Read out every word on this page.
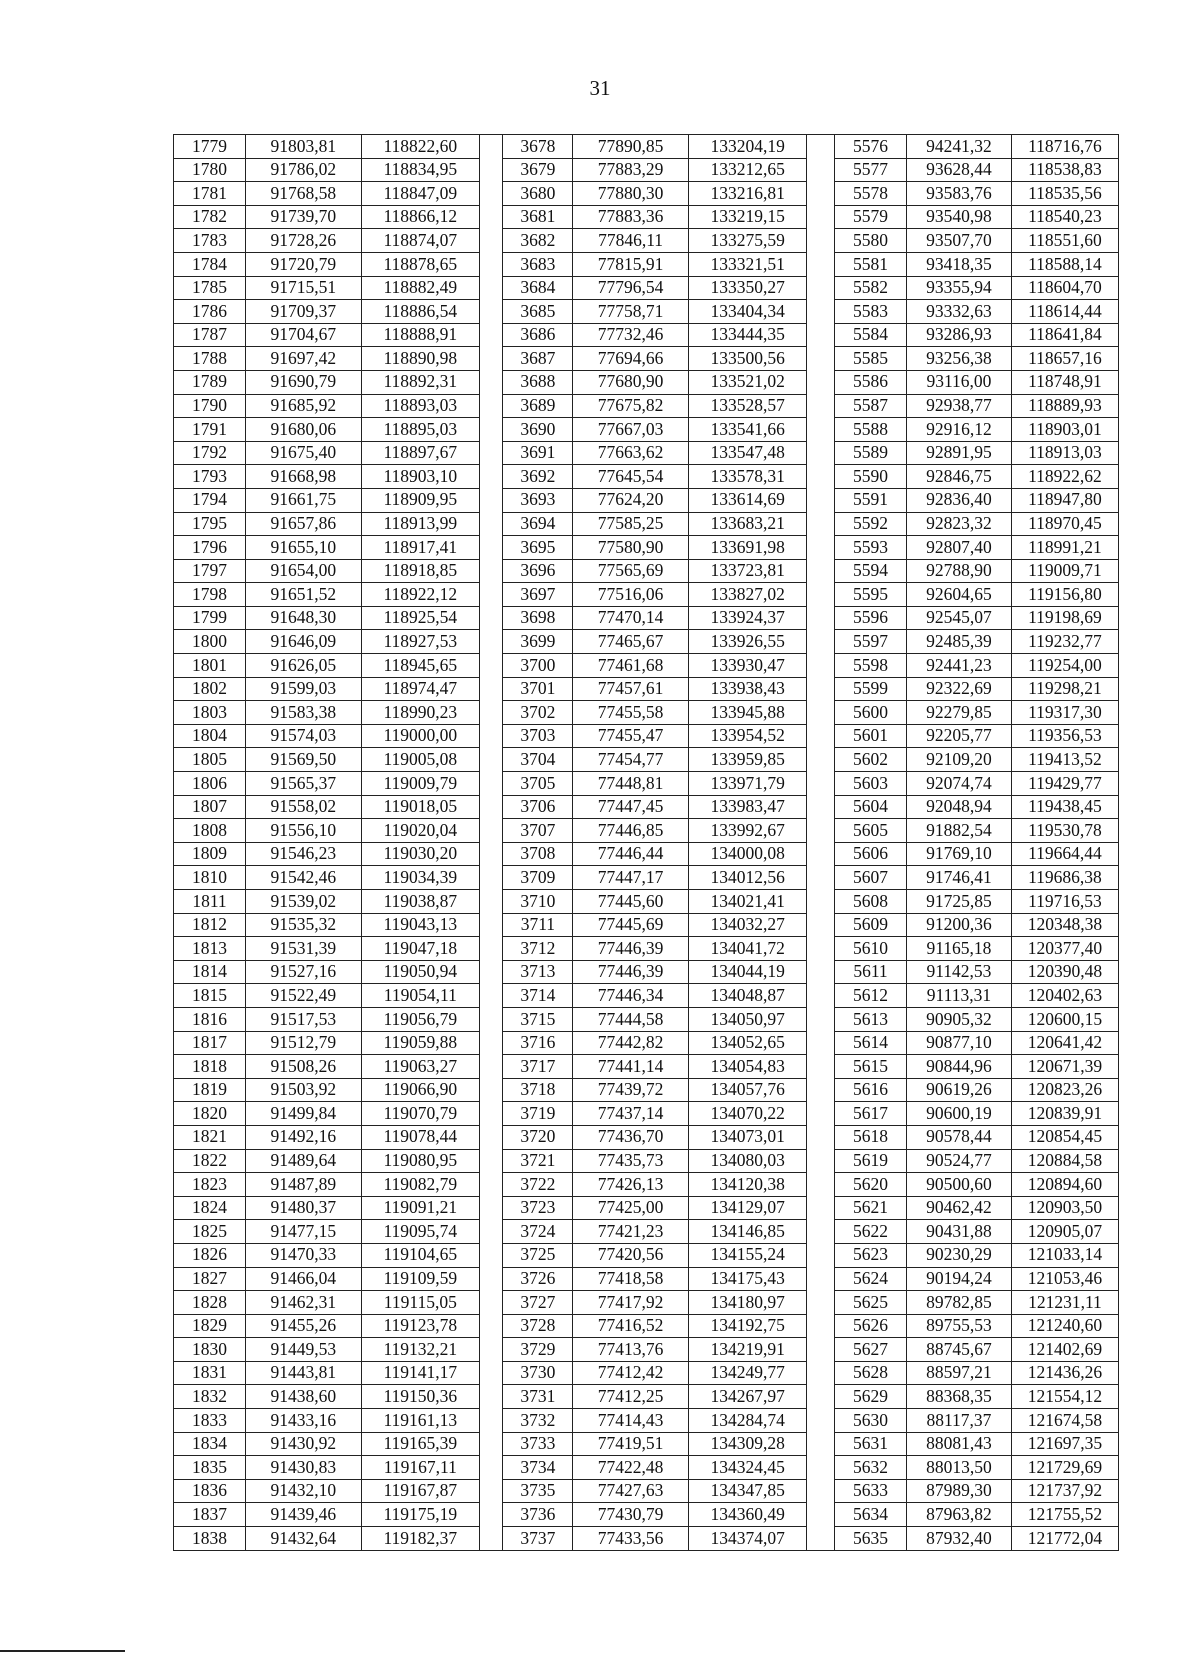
31
1779	91803,81	118822,60		3678	77890,85	133204,19		5576	94241,32	118716,76
1780	91786,02	118834,95		3679	77883,29	133212,65		5577	93628,44	118538,83
1781	91768,58	118847,09		3680	77880,30	133216,81		5578	93583,76	118535,56
1782	91739,70	118866,12		3681	77883,36	133219,15		5579	93540,98	118540,23
1783	91728,26	118874,07		3682	77846,11	133275,59		5580	93507,70	118551,60
1784	91720,79	118878,65		3683	77815,91	133321,51		5581	93418,35	118588,14
1785	91715,51	118882,49		3684	77796,54	133350,27		5582	93355,94	118604,70
1786	91709,37	118886,54		3685	77758,71	133404,34		5583	93332,63	118614,44
1787	91704,67	118888,91		3686	77732,46	133444,35		5584	93286,93	118641,84
1788	91697,42	118890,98		3687	77694,66	133500,56		5585	93256,38	118657,16
1789	91690,79	118892,31		3688	77680,90	133521,02		5586	93116,00	118748,91
1790	91685,92	118893,03		3689	77675,82	133528,57		5587	92938,77	118889,93
1791	91680,06	118895,03		3690	77667,03	133541,66		5588	92916,12	118903,01
1792	91675,40	118897,67		3691	77663,62	133547,48		5589	92891,95	118913,03
1793	91668,98	118903,10		3692	77645,54	133578,31		5590	92846,75	118922,62
1794	91661,75	118909,95		3693	77624,20	133614,69		5591	92836,40	118947,80
1795	91657,86	118913,99		3694	77585,25	133683,21		5592	92823,32	118970,45
1796	91655,10	118917,41		3695	77580,90	133691,98		5593	92807,40	118991,21
1797	91654,00	118918,85		3696	77565,69	133723,81		5594	92788,90	119009,71
1798	91651,52	118922,12		3697	77516,06	133827,02		5595	92604,65	119156,80
1799	91648,30	118925,54		3698	77470,14	133924,37		5596	92545,07	119198,69
1800	91646,09	118927,53		3699	77465,67	133926,55		5597	92485,39	119232,77
1801	91626,05	118945,65		3700	77461,68	133930,47		5598	92441,23	119254,00
1802	91599,03	118974,47		3701	77457,61	133938,43		5599	92322,69	119298,21
1803	91583,38	118990,23		3702	77455,58	133945,88		5600	92279,85	119317,30
1804	91574,03	119000,00		3703	77455,47	133954,52		5601	92205,77	119356,53
1805	91569,50	119005,08		3704	77454,77	133959,85		5602	92109,20	119413,52
1806	91565,37	119009,79		3705	77448,81	133971,79		5603	92074,74	119429,77
1807	91558,02	119018,05		3706	77447,45	133983,47		5604	92048,94	119438,45
1808	91556,10	119020,04		3707	77446,85	133992,67		5605	91882,54	119530,78
1809	91546,23	119030,20		3708	77446,44	134000,08		5606	91769,10	119664,44
1810	91542,46	119034,39		3709	77447,17	134012,56		5607	91746,41	119686,38
1811	91539,02	119038,87		3710	77445,60	134021,41		5608	91725,85	119716,53
1812	91535,32	119043,13		3711	77445,69	134032,27		5609	91200,36	120348,38
1813	91531,39	119047,18		3712	77446,39	134041,72		5610	91165,18	120377,40
1814	91527,16	119050,94		3713	77446,39	134044,19		5611	91142,53	120390,48
1815	91522,49	119054,11		3714	77446,34	134048,87		5612	91113,31	120402,63
1816	91517,53	119056,79		3715	77444,58	134050,97		5613	90905,32	120600,15
1817	91512,79	119059,88		3716	77442,82	134052,65		5614	90877,10	120641,42
1818	91508,26	119063,27		3717	77441,14	134054,83		5615	90844,96	120671,39
1819	91503,92	119066,90		3718	77439,72	134057,76		5616	90619,26	120823,26
1820	91499,84	119070,79		3719	77437,14	134070,22		5617	90600,19	120839,91
1821	91492,16	119078,44		3720	77436,70	134073,01		5618	90578,44	120854,45
1822	91489,64	119080,95		3721	77435,73	134080,03		5619	90524,77	120884,58
1823	91487,89	119082,79		3722	77426,13	134120,38		5620	90500,60	120894,60
1824	91480,37	119091,21		3723	77425,00	134129,07		5621	90462,42	120903,50
1825	91477,15	119095,74		3724	77421,23	134146,85		5622	90431,88	120905,07
1826	91470,33	119104,65		3725	77420,56	134155,24		5623	90230,29	121033,14
1827	91466,04	119109,59		3726	77418,58	134175,43		5624	90194,24	121053,46
1828	91462,31	119115,05		3727	77417,92	134180,97		5625	89782,85	121231,11
1829	91455,26	119123,78		3728	77416,52	134192,75		5626	89755,53	121240,60
1830	91449,53	119132,21		3729	77413,76	134219,91		5627	88745,67	121402,69
1831	91443,81	119141,17		3730	77412,42	134249,77		5628	88597,21	121436,26
1832	91438,60	119150,36		3731	77412,25	134267,97		5629	88368,35	121554,12
1833	91433,16	119161,13		3732	77414,43	134284,74		5630	88117,37	121674,58
1834	91430,92	119165,39		3733	77419,51	134309,28		5631	88081,43	121697,35
1835	91430,83	119167,11		3734	77422,48	134324,45		5632	88013,50	121729,69
1836	91432,10	119167,87		3735	77427,63	134347,85		5633	87989,30	121737,92
1837	91439,46	119175,19		3736	77430,79	134360,49		5634	87963,82	121755,52
1838	91432,64	119182,37		3737	77433,56	134374,07		5635	87932,40	121772,04
